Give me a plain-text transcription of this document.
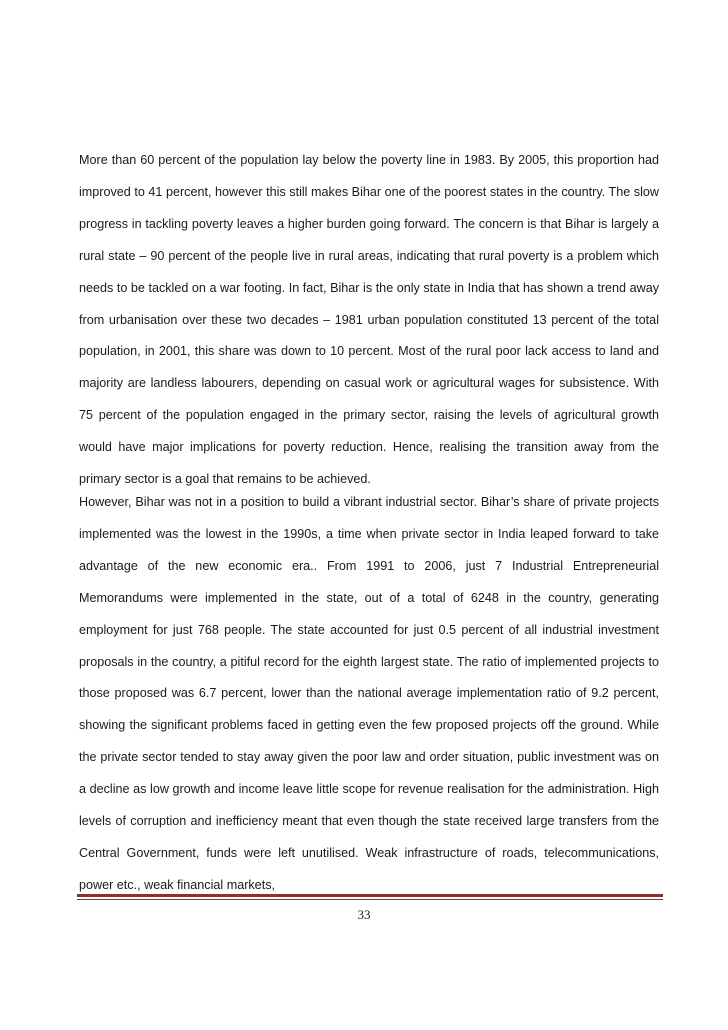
More than 60 percent of the population lay below the poverty line in 1983. By 2005, this proportion had improved to 41 percent, however this still makes Bihar one of the poorest states in the country. The slow progress in tackling poverty leaves a higher burden going forward. The concern is that Bihar is largely a rural state – 90 percent of the people live in rural areas, indicating that rural poverty is a problem which needs to be tackled on a war footing. In fact, Bihar is the only state in India that has shown a trend away from urbanisation over these two decades – 1981 urban population constituted 13 percent of the total population, in 2001, this share was down to 10 percent. Most of the rural poor lack access to land and majority are landless labourers, depending on casual work or agricultural wages for subsistence. With 75 percent of the population engaged in the primary sector, raising the levels of agricultural growth would have major implications for poverty reduction. Hence, realising the transition away from the primary sector is a goal that remains to be achieved.

However, Bihar was not in a position to build a vibrant industrial sector. Bihar’s share of private projects implemented was the lowest in the 1990s, a time when private sector in India leaped forward to take advantage of the new economic era.. From 1991 to 2006, just 7 Industrial Entrepreneurial Memorandums were implemented in the state, out of a total of 6248 in the country, generating employment for just 768 people. The state accounted for just 0.5 percent of all industrial investment proposals in the country, a pitiful record for the eighth largest state. The ratio of implemented projects to those proposed was 6.7 percent, lower than the national average implementation ratio of 9.2 percent, showing the significant problems faced in getting even the few proposed projects off the ground. While the private sector tended to stay away given the poor law and order situation, public investment was on a decline as low growth and income leave little scope for revenue realisation for the administration. High levels of corruption and inefficiency meant that even though the state received large transfers from the Central Government, funds were left unutilised. Weak infrastructure of roads, telecommunications, power etc., weak financial markets,

33
